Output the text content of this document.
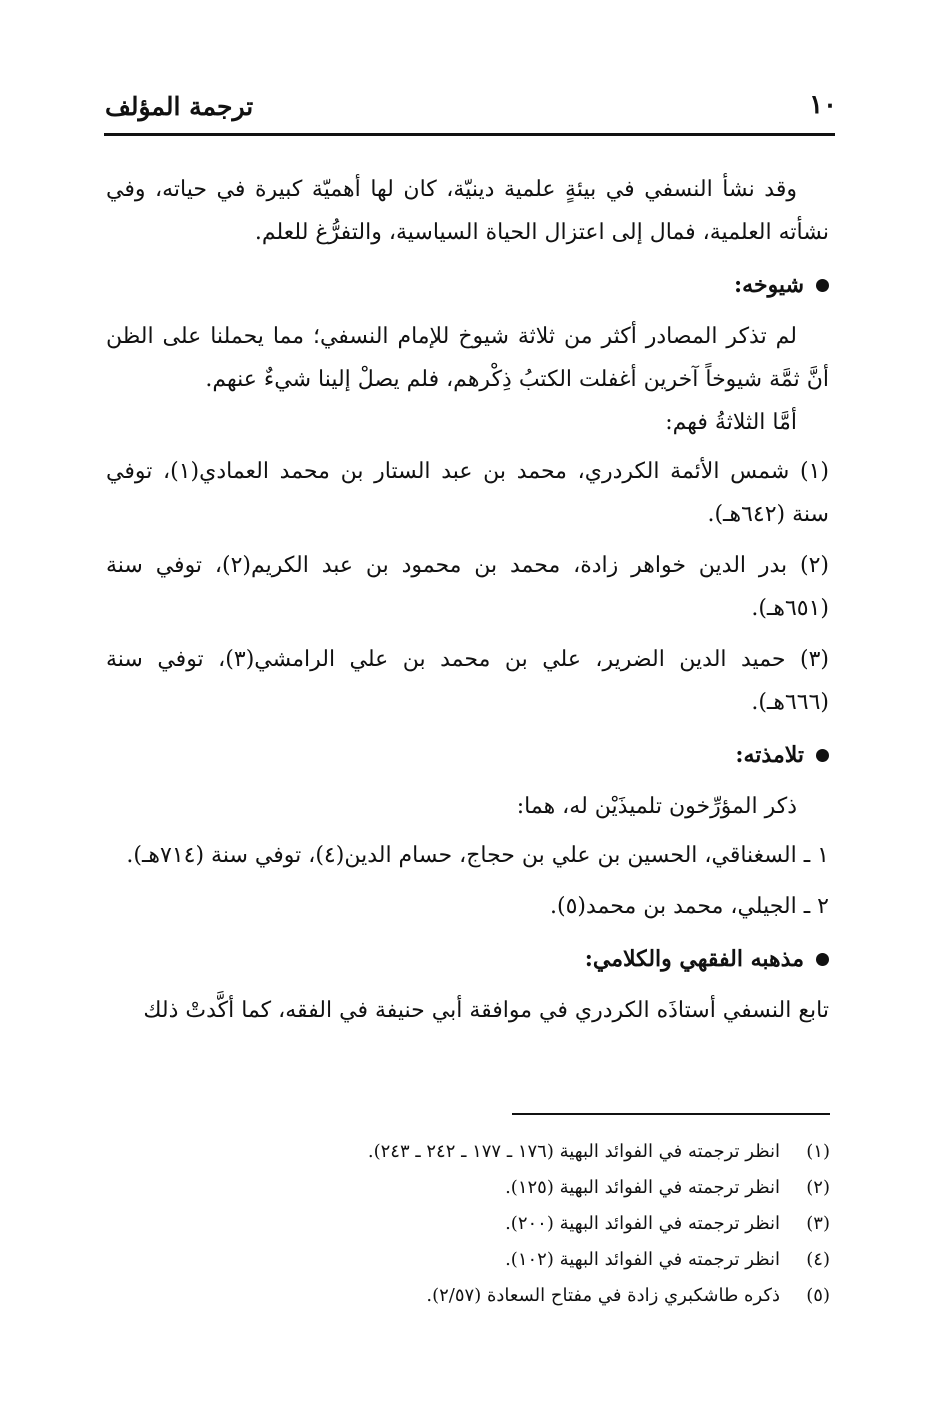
١٠
ترجمة المؤلف

وقد نشأ النسفي في بيئةٍ علمية دينيّة، كان لها أهميّة كبيرة في حياته، وفي نشأته العلمية، فمال إلى اعتزال الحياة السياسية، والتفرُّغ للعلم.

شيوخه:

لم تذكر المصادر أكثر من ثلاثة شيوخ للإمام النسفي؛ مما يحملنا على الظن أنَّ ثمَّة شيوخاً آخرين أغفلت الكتبُ ذِكْرهم، فلم يصلْ إلينا شيءٌ عنهم.

أمَّا الثلاثةُ فهم:

(١) شمس الأئمة الكردري، محمد بن عبد الستار بن محمد العمادي(١)، توفي سنة (٦٤٢هـ).

(٢) بدر الدين خواهر زادة، محمد بن محمود بن عبد الكريم(٢)، توفي سنة (٦٥١هـ).

(٣) حميد الدين الضرير، علي بن محمد بن علي الرامشي(٣)، توفي سنة (٦٦٦هـ).

تلامذته:

ذكر المؤرِّخون تلميذَيْن له، هما:

١ ـ السغناقي، الحسين بن علي بن حجاج، حسام الدين(٤)، توفي سنة (٧١٤هـ).

٢ ـ الجيلي، محمد بن محمد(٥).

مذهبه الفقهي والكلامي:

تابع النسفي أستاذَه الكردري في موافقة أبي حنيفة في الفقه، كما أكَّدتْ ذلك

(١)
انظر ترجمته في الفوائد البهية (١٧٦ ـ ١٧٧ ـ ٢٤٢ ـ ٢٤٣).
(٢)
انظر ترجمته في الفوائد البهية (١٢٥).
(٣)
انظر ترجمته في الفوائد البهية (٢٠٠).
(٤)
انظر ترجمته في الفوائد البهية (١٠٢).
(٥)
ذكره طاشكبري زادة في مفتاح السعادة (٢/٥٧).
